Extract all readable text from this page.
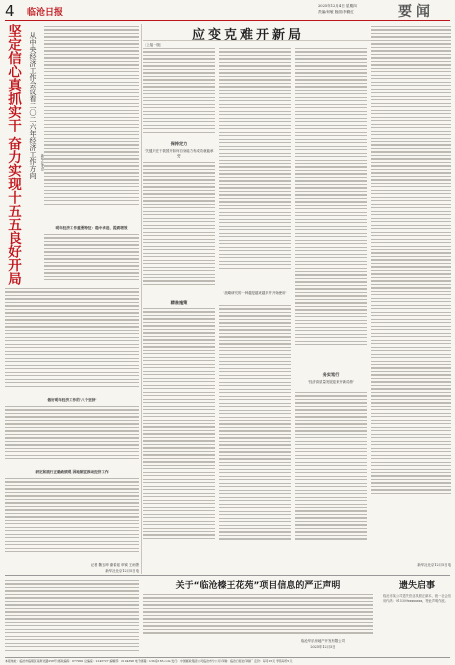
4 临沧日报
2025年12月4日 星期四
责编/何敏 版面/李勤红	要闻
坚定信心真抓实干 奋力实现十五五良好开局 从中央经济工作会议看二〇二六年经济工作方向 新华社北京
明年经济工作重要特征：稳中求进、提质增效
做好明年经济工作的'八个坚持'
研定和践行正确政绩观 因地制宜推动经济工作
记者 魏玉坤 谢希瑶 申铖 王雨萧
新华社北京12月5日电
应变克难开新局
〔上接一版〕
保持定力
'关键只在于我国开如何自身能力有成功就能承受'
精准施策
'战略研究的一种越是越来越多并开始使用'
务实笃行
'经济高质量发展迎来开新局势'
新华社北京12月5日电
关于“临沧榛王花苑”项目信息的严正声明
临沧华乐房地产开发有限公司
2025年12月5日
遗失启事
临沧市某公司遗失营业执照正副本，统一社会信用代码：915309xxxxxxxx，特此声明作废。
本报地址：临沧市临翔区南屏北路258号 邮政编码：677000 总编室：2143727 编辑部：2124398 电子邮箱：lcrb@163.com 发行：中国邮政集团公司临沧市分公司 印刷：临沧日报社印刷厂 定价：每月25元 零售每份1元
